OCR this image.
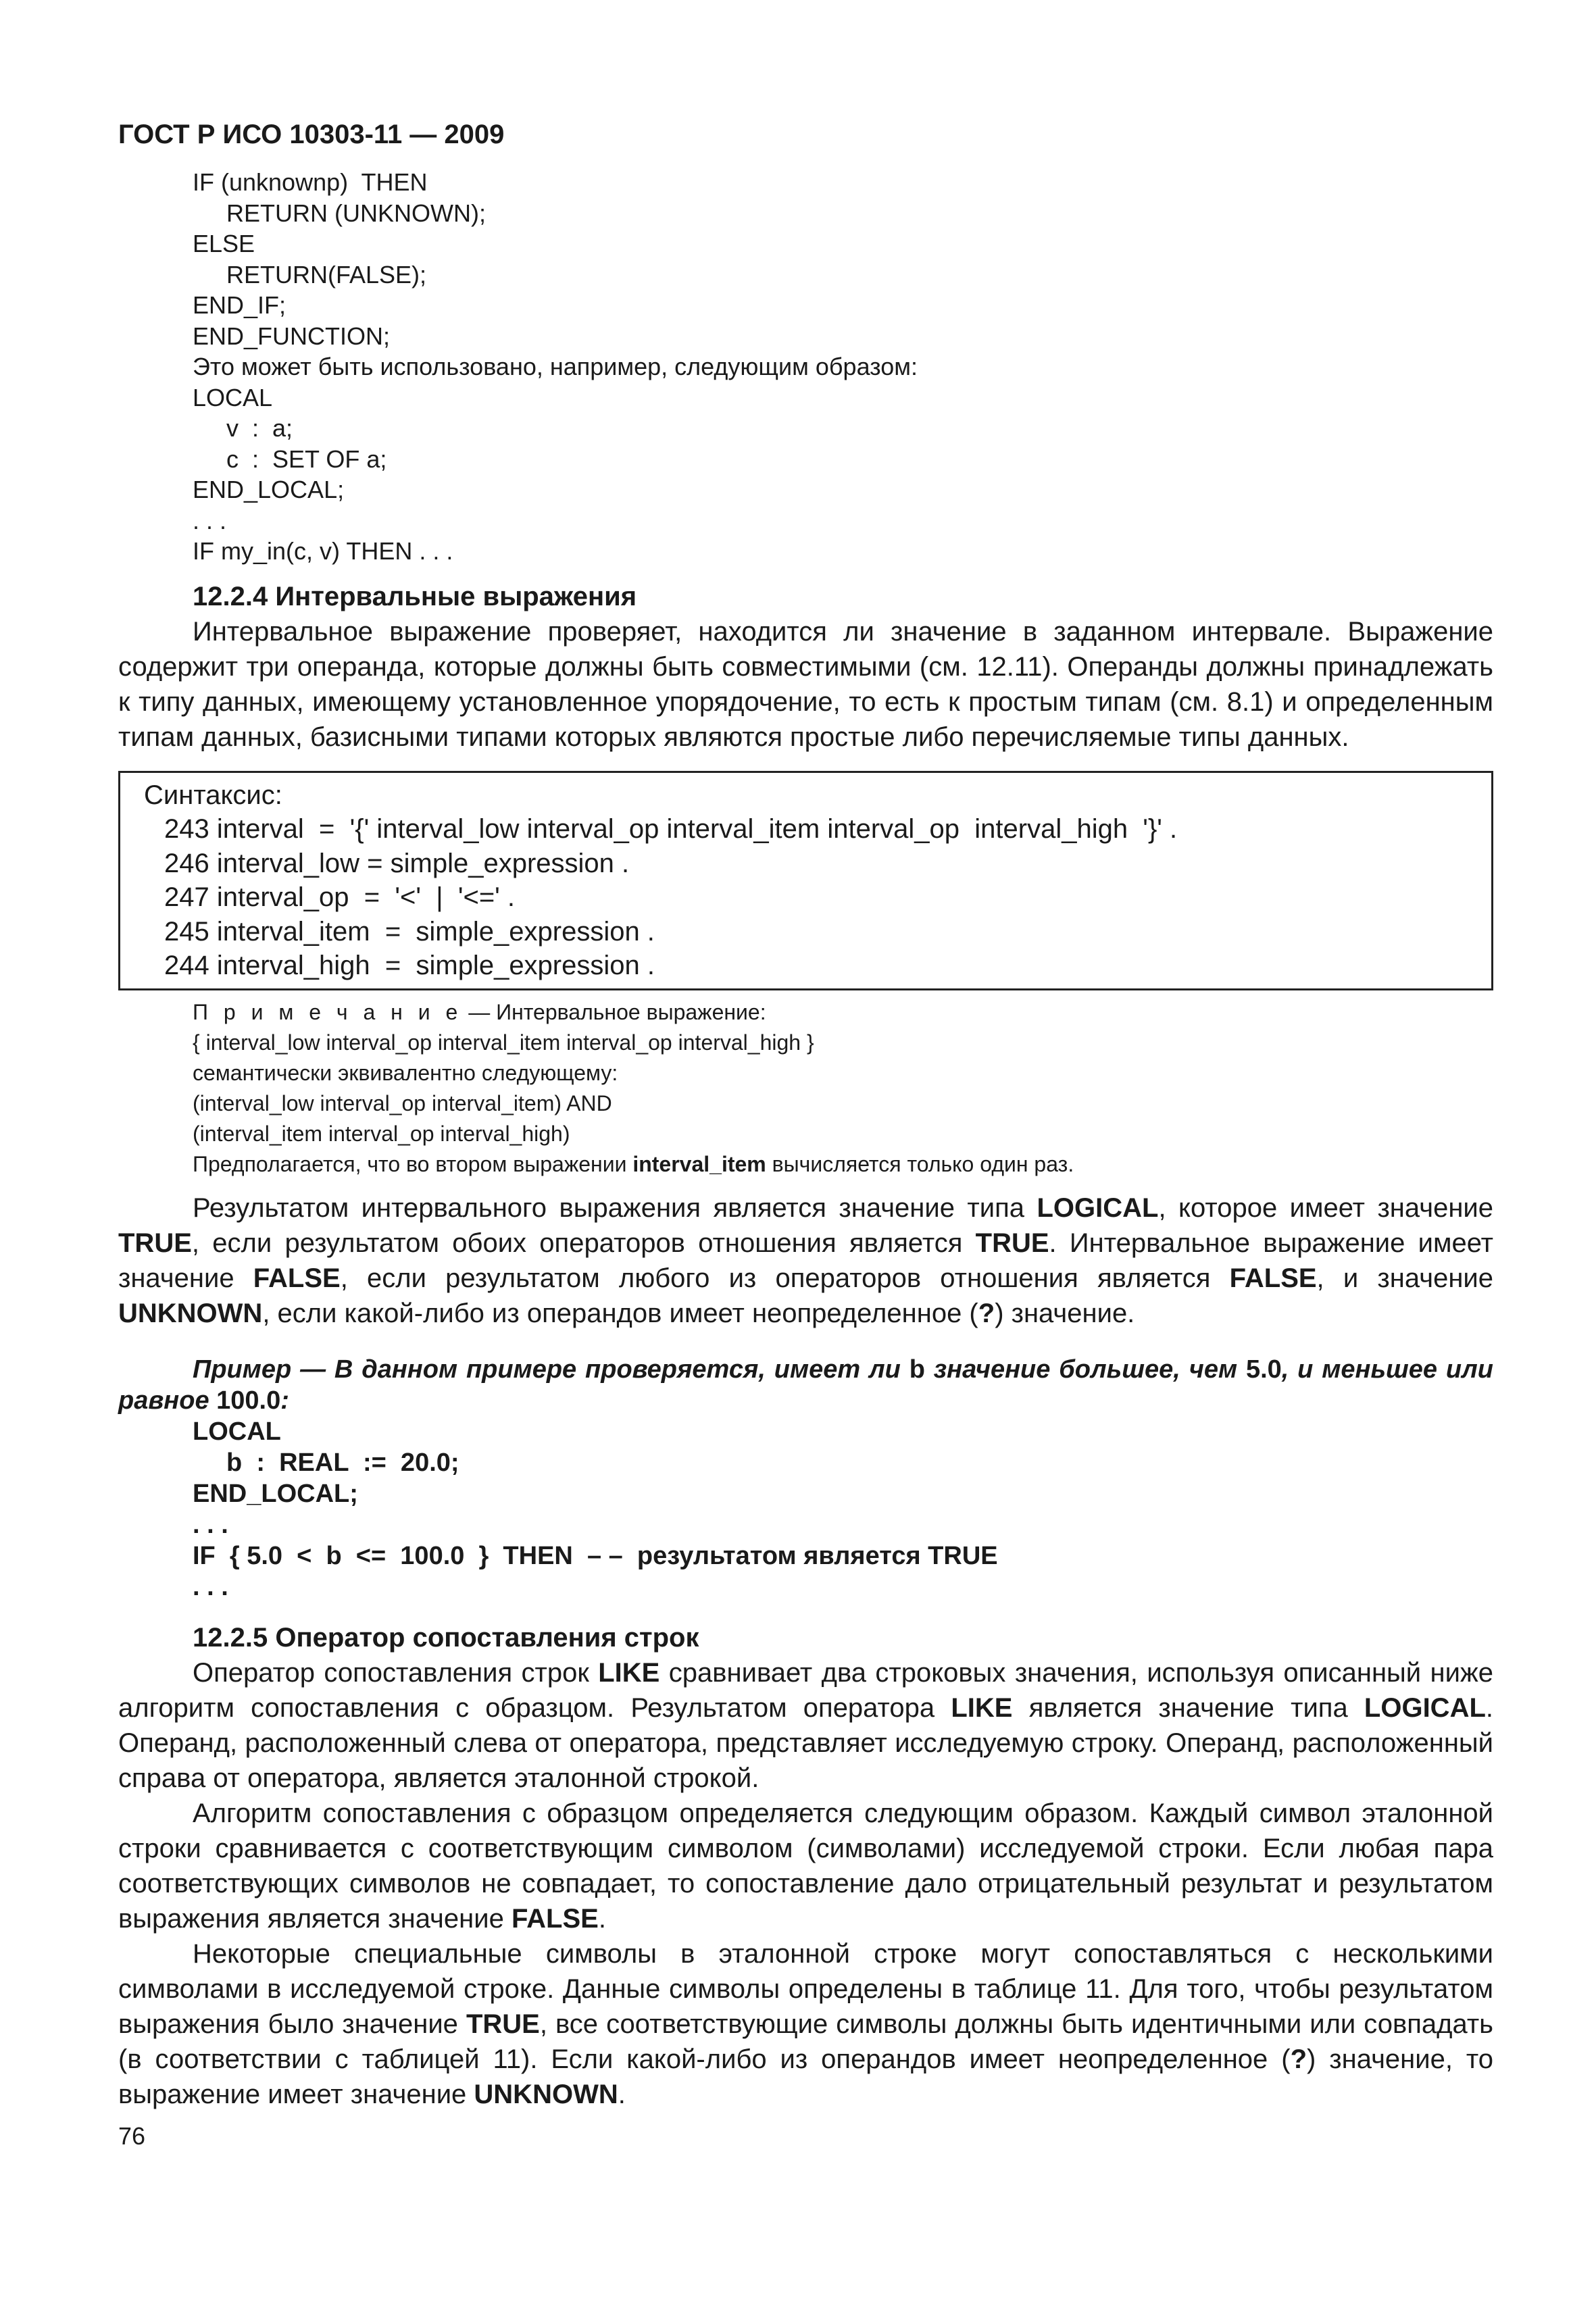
ГОСТ Р ИСО 10303-11 — 2009
IF (unknownp)  THEN
RETURN (UNKNOWN);
ELSE
RETURN(FALSE);
END_IF;
END_FUNCTION;
Это может быть использовано, например, следующим образом:
LOCAL
v  :  a;
c  :  SET OF a;
END_LOCAL;
. . .
IF my_in(c, v) THEN . . .
12.2.4 Интервальные выражения

Интервальное выражение проверяет, находится ли значение в заданном интервале. Выражение содержит три операнда, которые должны быть совместимыми (см. 12.11). Операнды должны принадлежать к типу данных, имеющему установленное упорядочение, то есть к простым типам (см. 8.1) и определенным типам данных, базисными типами которых являются простые либо перечисляемые типы данных.

Синтаксис:
243 interval  =  '{' interval_low interval_op interval_item interval_op  interval_high  '}' .
246 interval_low = simple_expression .
247 interval_op  =  '<'  |  '<=' .
245 interval_item  =  simple_expression .
244 interval_high  =  simple_expression .
П р и м е ч а н и е — Интервальное выражение:
{ interval_low interval_op interval_item interval_op interval_high }
семантически эквивалентно следующему:
(interval_low interval_op interval_item) AND
(interval_item interval_op interval_high)
Предполагается, что во втором выражении interval_item вычисляется только один раз.

Результатом интервального выражения является значение типа LOGICAL, которое имеет значение TRUE, если результатом обоих операторов отношения является TRUE. Интервальное выражение имеет значение FALSE, если результатом любого из операторов отношения является FALSE, и значение UNKNOWN, если какой-либо из операндов имеет неопределенное (?) значение.

Пример — В данном примере проверяется, имеет ли b значение большее, чем 5.0, и меньшее или равное 100.0:
LOCAL
b  :  REAL  :=  20.0;
END_LOCAL;
. . .
IF  { 5.0  <  b  <=  100.0  }  THEN  – –  результатом является TRUE
. . .
12.2.5 Оператор сопоставления строк

Оператор сопоставления строк LIKE сравнивает два строковых значения, используя описанный ниже алгоритм сопоставления с образцом. Результатом оператора LIKE является значение типа LOGICAL. Операнд, расположенный слева от оператора, представляет исследуемую строку. Операнд, расположенный справа от оператора, является эталонной строкой.

Алгоритм сопоставления с образцом определяется следующим образом. Каждый символ эталонной строки сравнивается с соответствующим символом (символами) исследуемой строки. Если любая пара соответствующих символов не совпадает, то сопоставление дало отрицательный результат и результатом выражения является значение FALSE.

Некоторые специальные символы в эталонной строке могут сопоставляться с несколькими символами в исследуемой строке. Данные символы определены в таблице 11. Для того, чтобы результатом выражения было значение TRUE, все соответствующие символы должны быть идентичными или совпадать (в соответствии с таблицей 11). Если какой-либо из операндов имеет неопределенное (?) значение, то выражение имеет значение UNKNOWN.

76
